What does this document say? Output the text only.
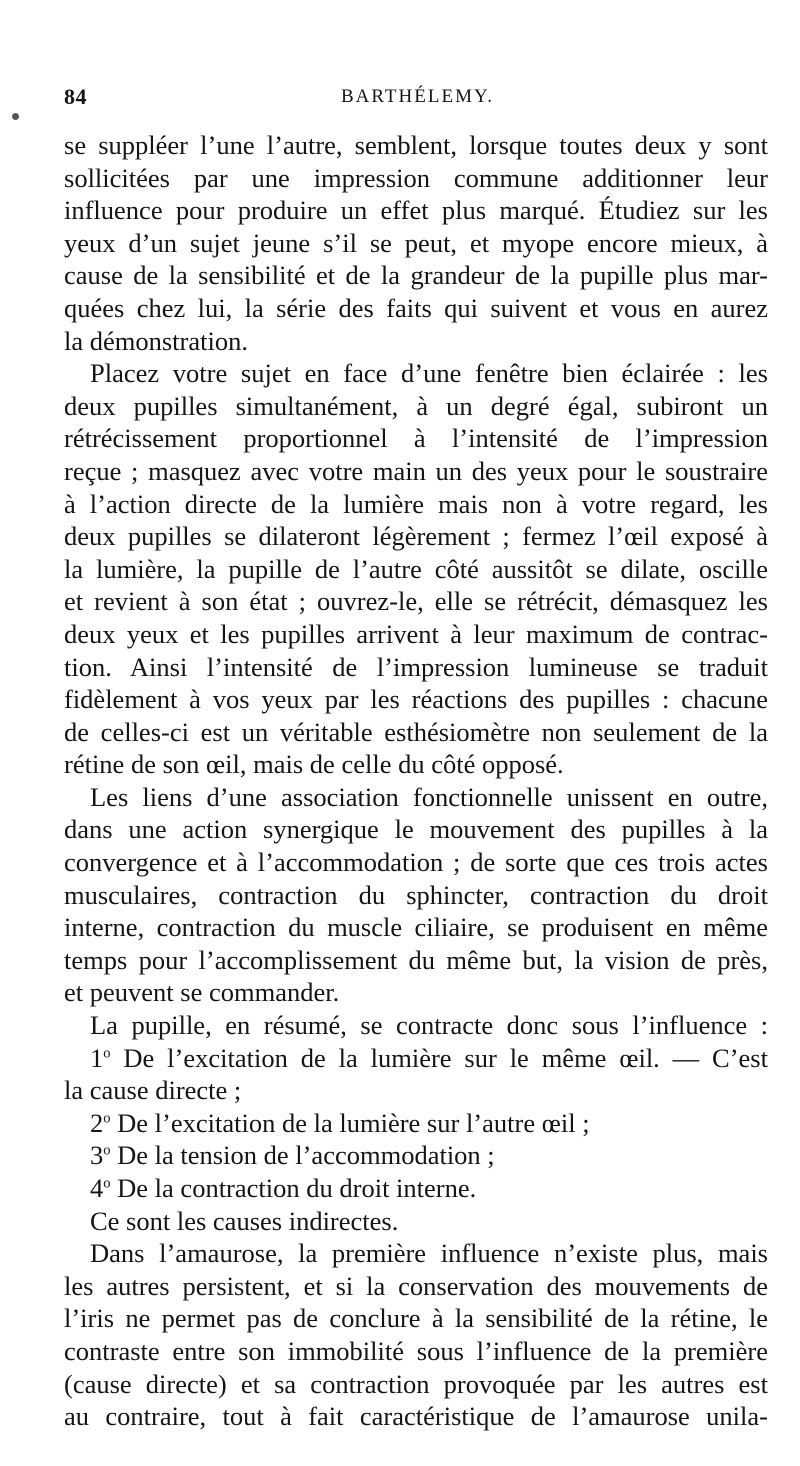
84	BARTHÉLEMY.
se suppléer l’une l’autre, semblent, lorsque toutes deux y sont
sollicitées par une impression commune additionner leur
influence pour produire un effet plus marqué. Étudiez sur les
yeux d’un sujet jeune s’il se peut, et myope encore mieux, à
cause de la sensibilité et de la grandeur de la pupille plus mar-
quées chez lui, la série des faits qui suivent et vous en aurez
la démonstration.
Placez votre sujet en face d’une fenêtre bien éclairée : les
deux pupilles simultanément, à un degré égal, subiront un
rétrécissement proportionnel à l’intensité de l’impression
reçue ; masquez avec votre main un des yeux pour le soustraire
à l’action directe de la lumière mais non à votre regard, les
deux pupilles se dilateront légèrement ; fermez l’œil exposé à
la lumière, la pupille de l’autre côté aussitôt se dilate, oscille
et revient à son état ; ouvrez-le, elle se rétrécit, démasquez les
deux yeux et les pupilles arrivent à leur maximum de contrac-
tion. Ainsi l’intensité de l’impression lumineuse se traduit
fidèlement à vos yeux par les réactions des pupilles : chacune
de celles-ci est un véritable esthésiomètre non seulement de la
rétine de son œil, mais de celle du côté opposé.
Les liens d’une association fonctionnelle unissent en outre,
dans une action synergique le mouvement des pupilles à la
convergence et à l’accommodation ; de sorte que ces trois actes
musculaires, contraction du sphincter, contraction du droit
interne, contraction du muscle ciliaire, se produisent en même
temps pour l’accomplissement du même but, la vision de près,
et peuvent se commander.
La pupille, en résumé, se contracte donc sous l’influence :
1$^o$ De l’excitation de la lumière sur le même œil. — C’est
la cause directe ;
2$^o$ De l’excitation de la lumière sur l’autre œil ;
3$^o$ De la tension de l’accommodation ;
4$^o$ De la contraction du droit interne.
Ce sont les causes indirectes.
Dans l’amaurose, la première influence n’existe plus, mais
les autres persistent, et si la conservation des mouvements de
l’iris ne permet pas de conclure à la sensibilité de la rétine, le
contraste entre son immobilité sous l’influence de la première
(cause directe) et sa contraction provoquée par les autres est
au contraire, tout à fait caractéristique de l’amaurose unila-
